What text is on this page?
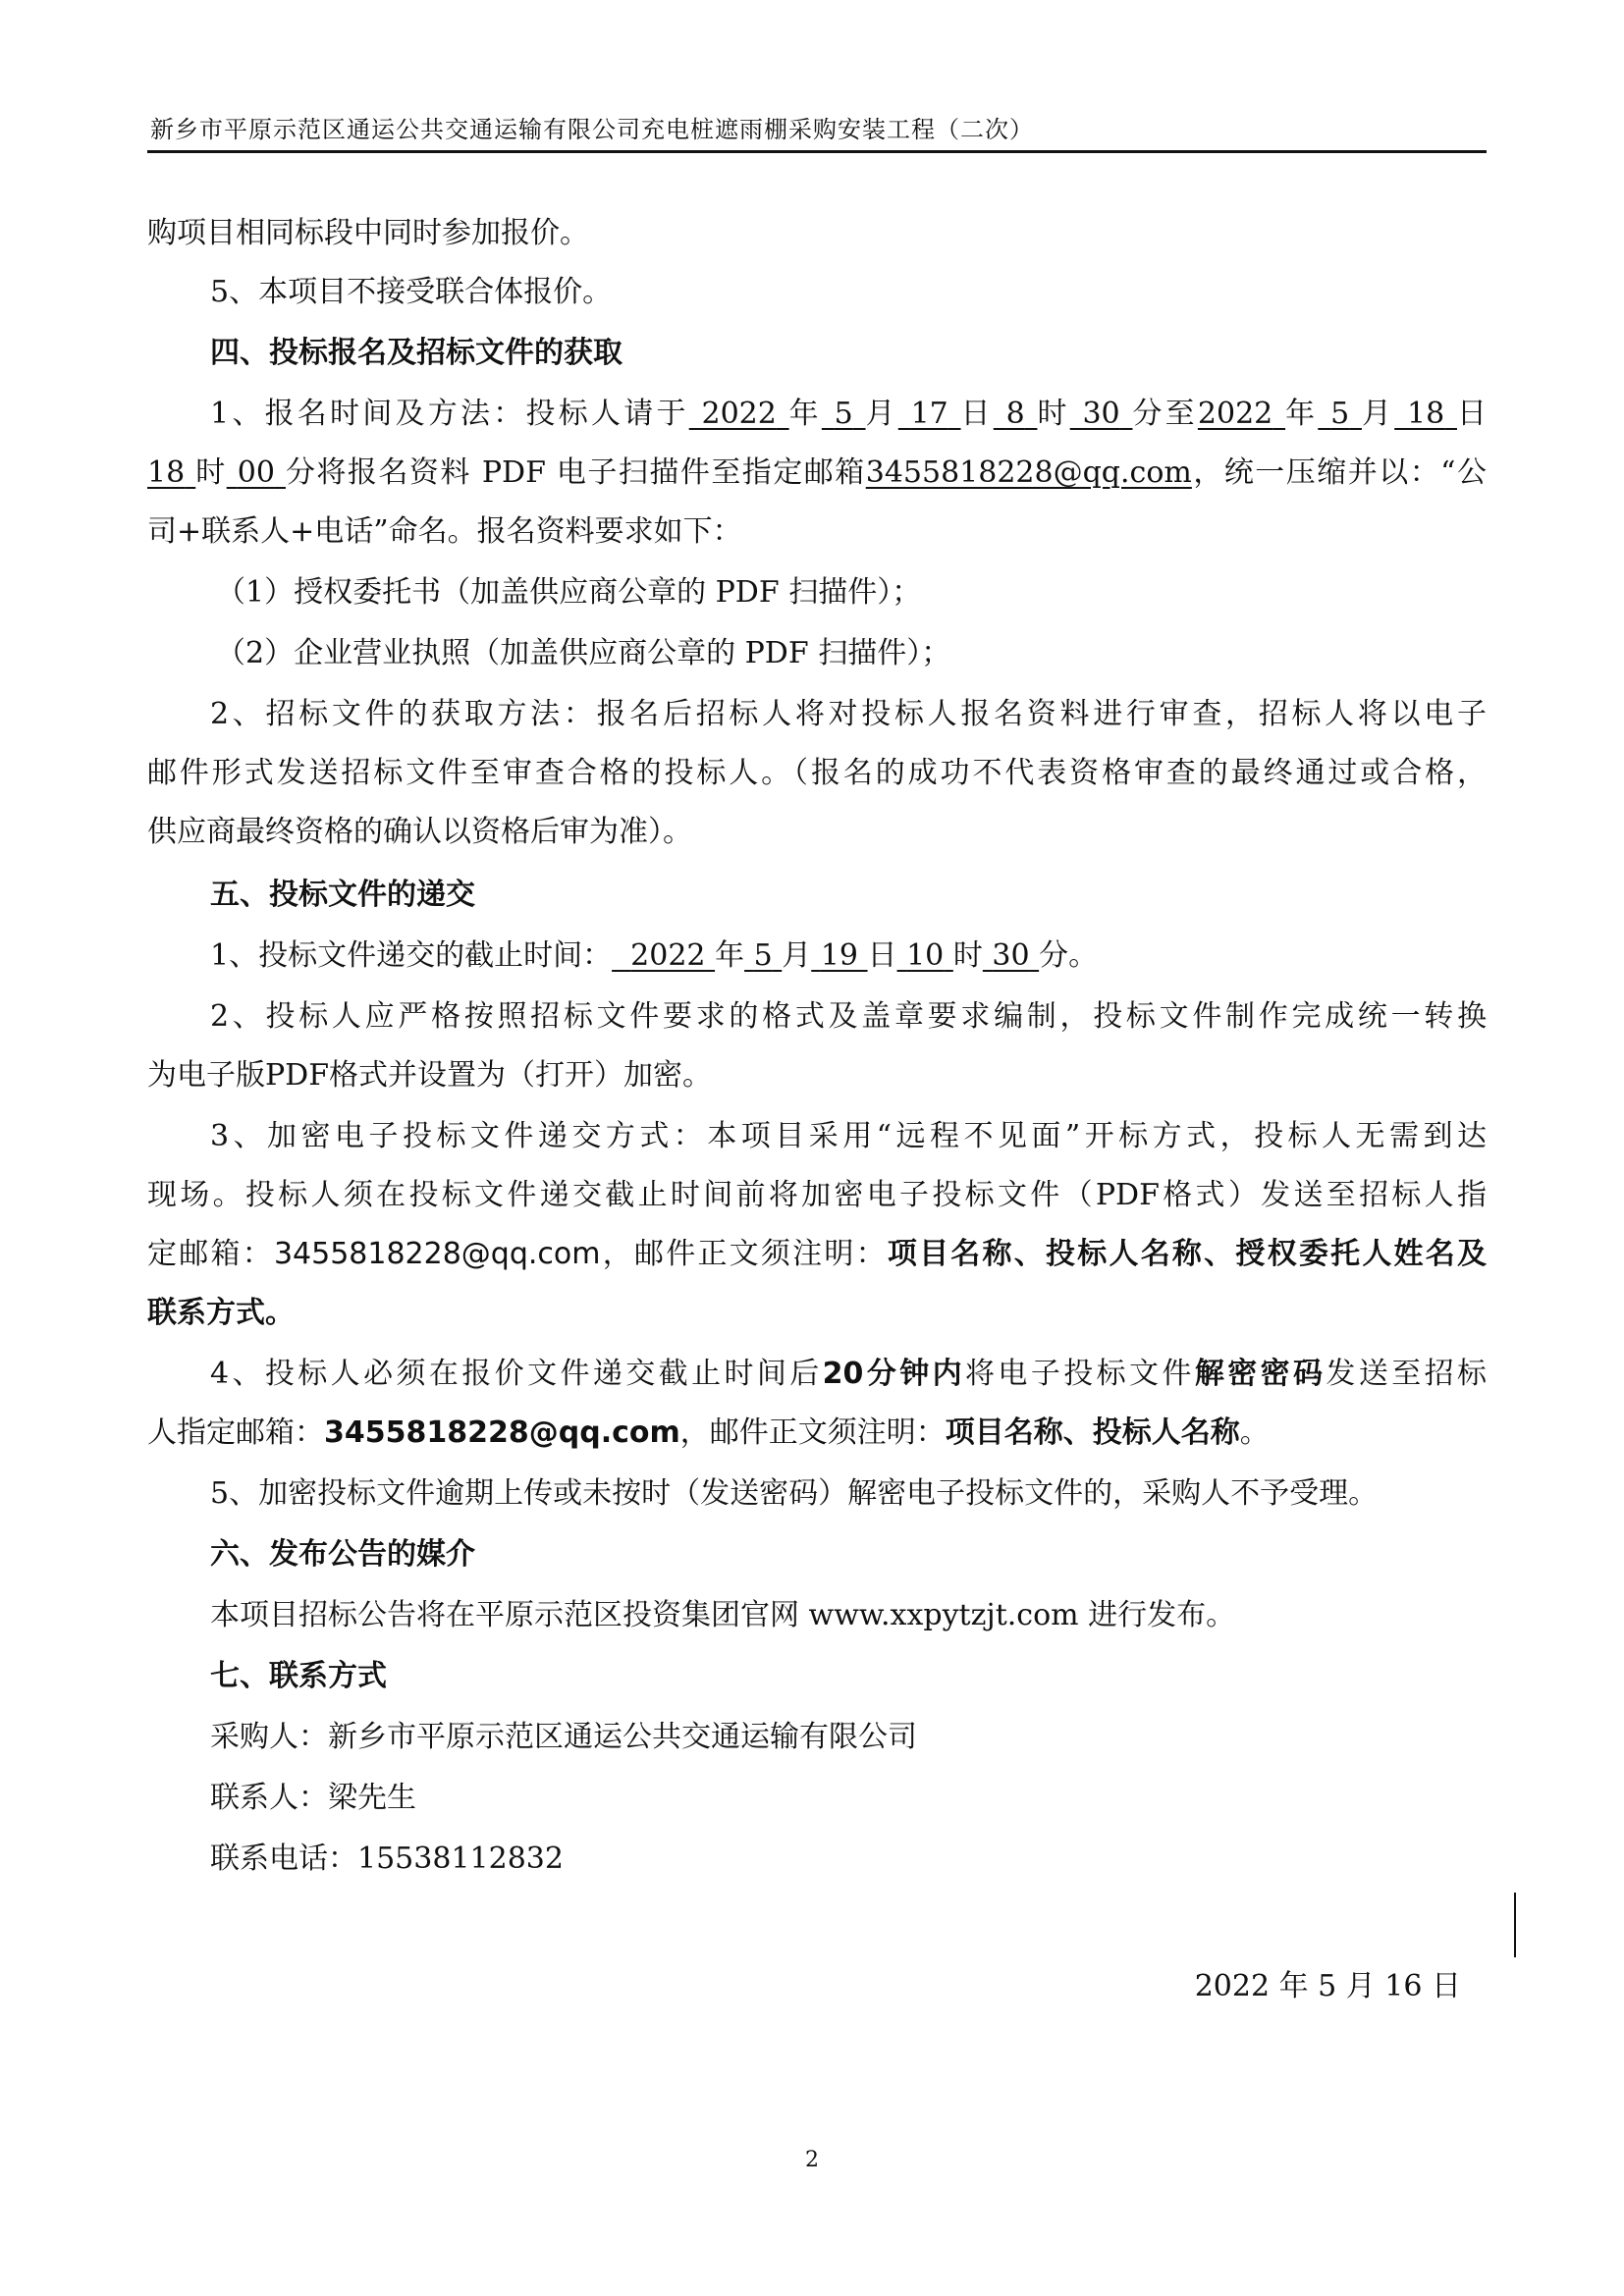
新乡市平原示范区通运公共交通运输有限公司充电桩遮雨棚采购安装工程（二次）
购项目相同标段中同时参加报价。
5、本项目不接受联合体报价。
四、投标报名及招标文件的获取
1、报名时间及方法：投标人请于 2022 年 5 月 17 日 8 时 30 分至2022 年 5 月 18 日
18 时 00 分将报名资料 PDF 电子扫描件至指定邮箱3455818228@qq.com，统一压缩并以：“公
司+联系人+电话”命名。报名资料要求如下：
（1）授权委托书（加盖供应商公章的 PDF 扫描件）；
（2）企业营业执照（加盖供应商公章的 PDF 扫描件）；
2、招标文件的获取方法：报名后招标人将对投标人报名资料进行审查，招标人将以电子
邮件形式发送招标文件至审查合格的投标人。（报名的成功不代表资格审查的最终通过或合格，
供应商最终资格的确认以资格后审为准）。
五、投标文件的递交
1、投标文件递交的截止时间： 2022 年 5 月 19 日 10 时 30 分。
2、投标人应严格按照招标文件要求的格式及盖章要求编制，投标文件制作完成统一转换
为电子版PDF格式并设置为（打开）加密。
3、加密电子投标文件递交方式：本项目采用“远程不见面”开标方式，投标人无需到达
现场。投标人须在投标文件递交截止时间前将加密电子投标文件（PDF格式）发送至招标人指
定邮箱：3455818228@qq.com，邮件正文须注明：项目名称、投标人名称、授权委托人姓名及
联系方式。
4、投标人必须在报价文件递交截止时间后20分钟内将电子投标文件解密密码发送至招标
人指定邮箱：3455818228@qq.com，邮件正文须注明：项目名称、投标人名称。
5、加密投标文件逾期上传或未按时（发送密码）解密电子投标文件的，采购人不予受理。
六、发布公告的媒介
本项目招标公告将在平原示范区投资集团官网 www.xxpytzjt.com 进行发布。
七、联系方式
采购人：新乡市平原示范区通运公共交通运输有限公司
联系人：梁先生
联系电话：15538112832
2022 年 5 月 16 日
2
